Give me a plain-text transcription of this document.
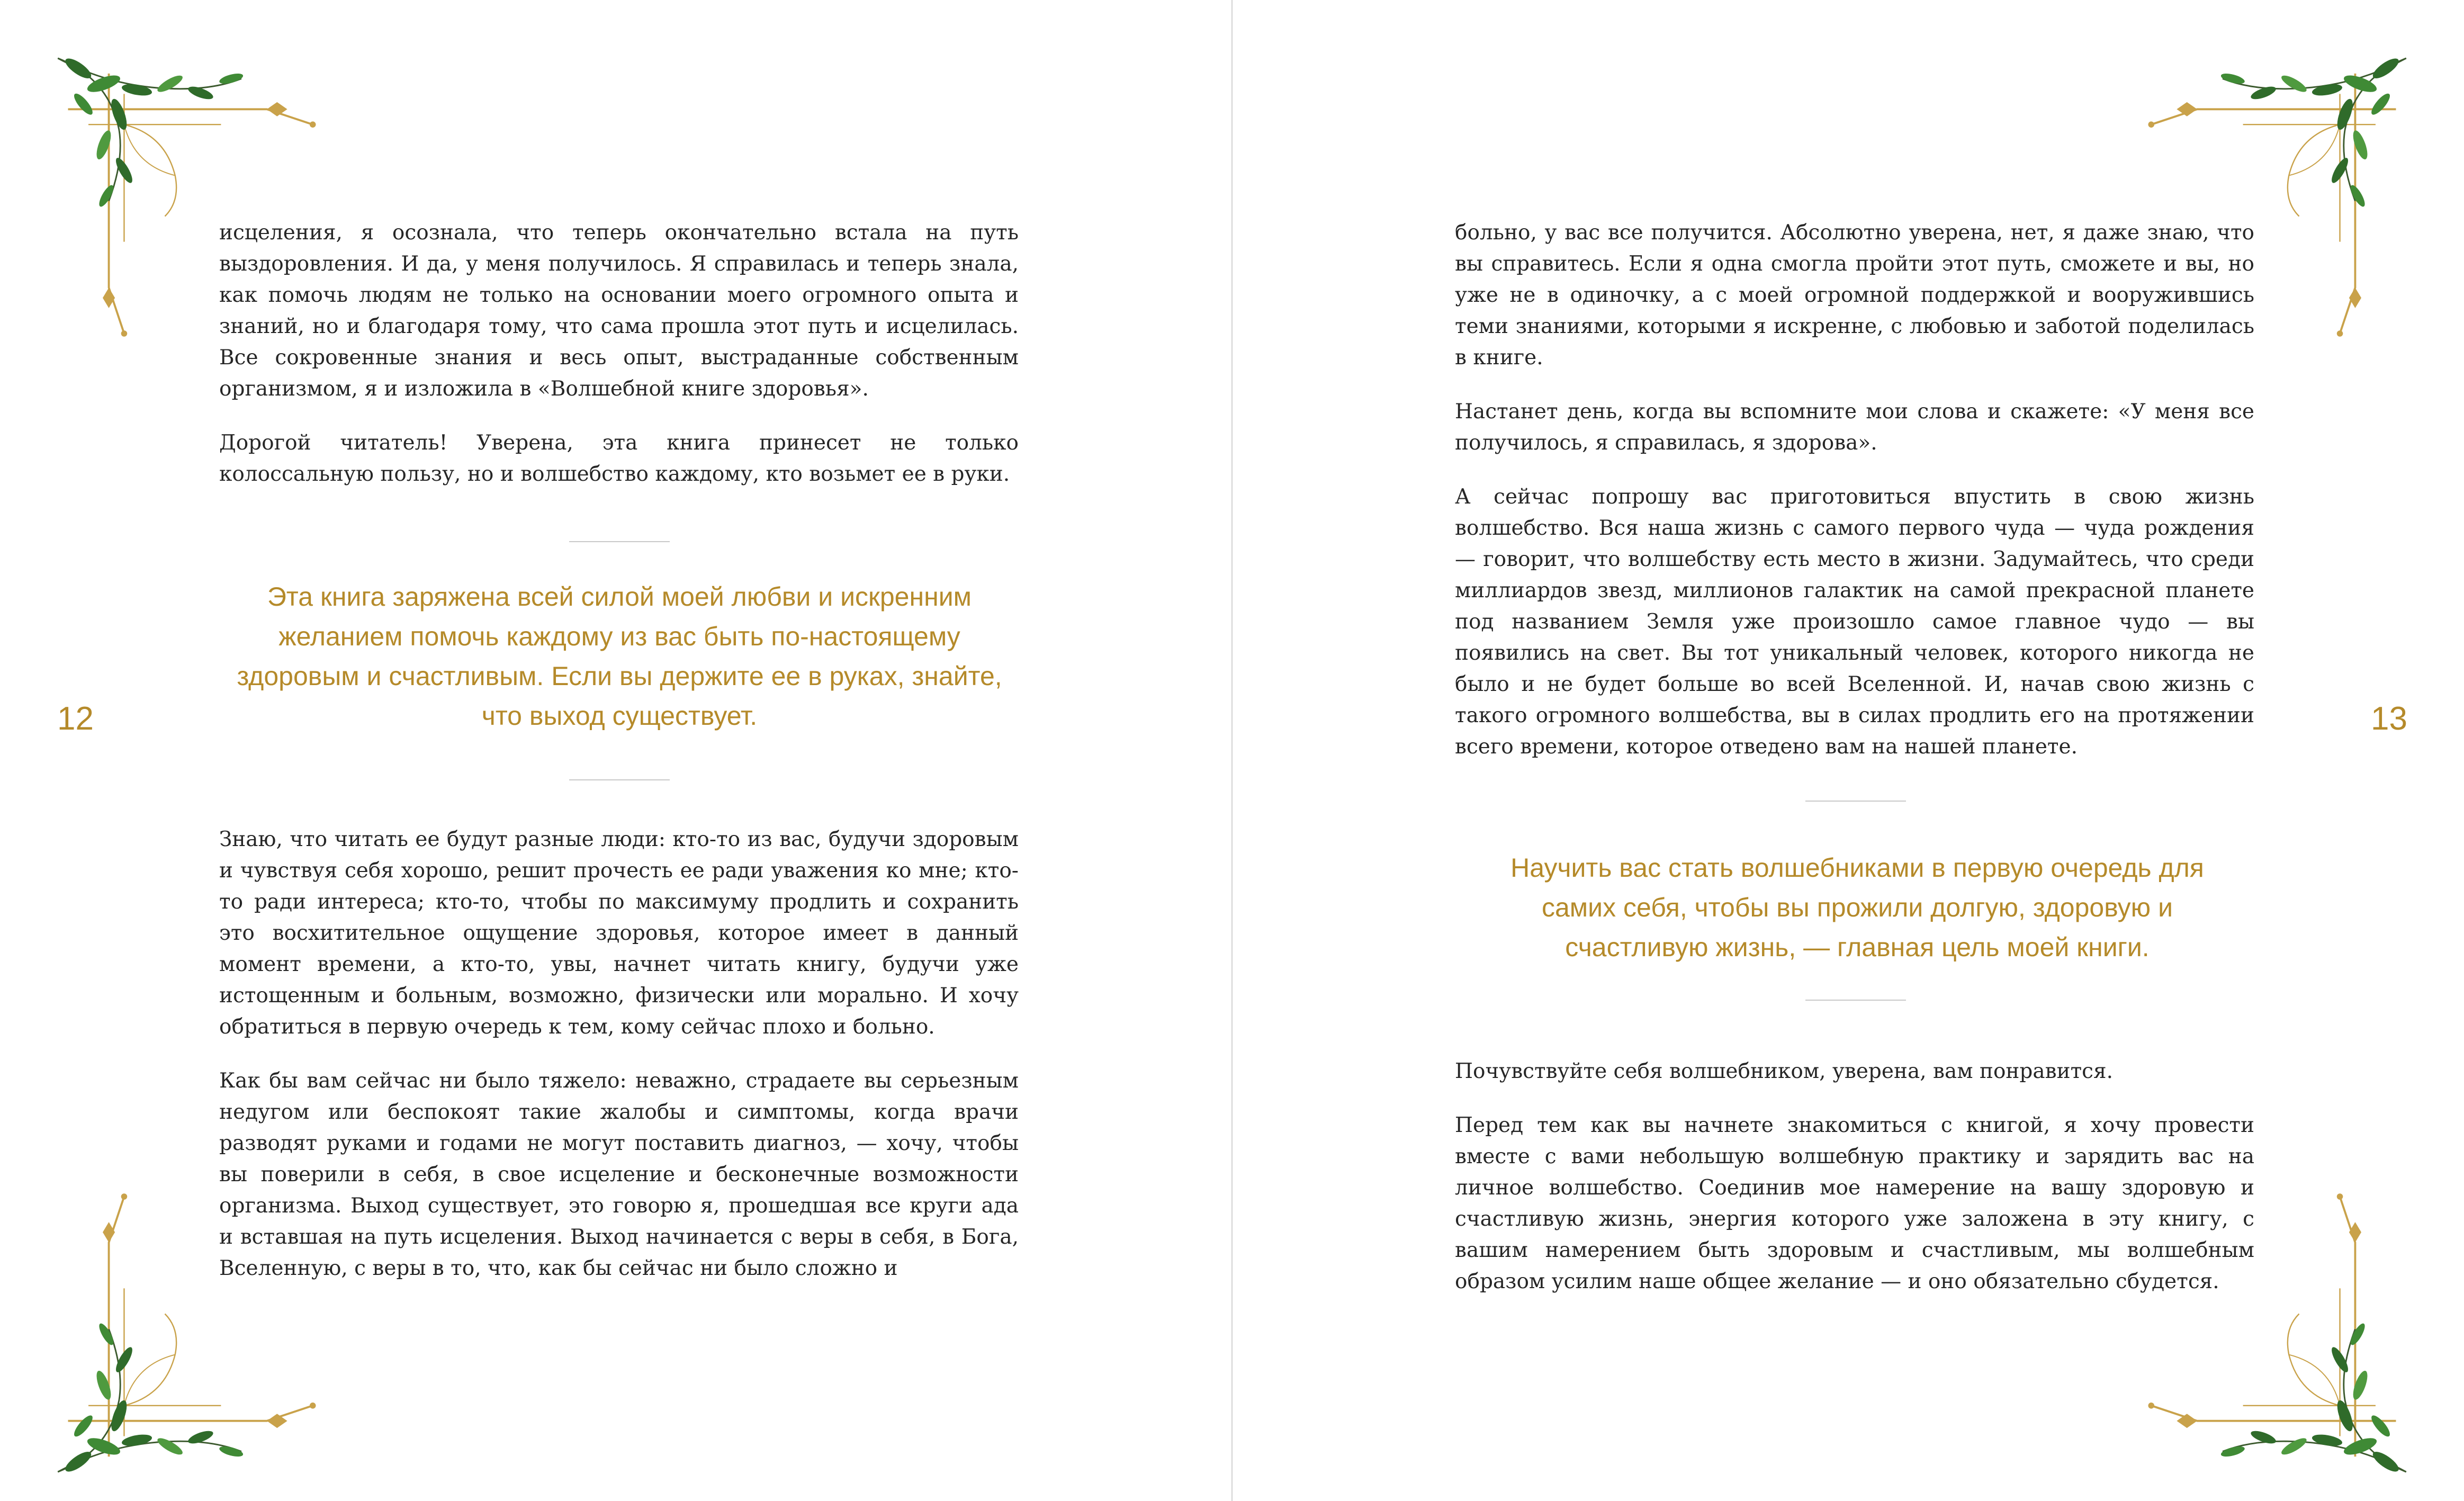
исцеления, я осознала, что теперь окончательно встала на путь выздоровления. И да, у меня получилось. Я справилась и теперь знала, как помочь людям не только на основании моего огромного опыта и знаний, но и благодаря тому, что сама прошла этот путь и исцелилась. Все сокровенные знания и весь опыт, выстраданные собственным организмом, я и изложила в «Волшебной книге здоровья».

Дорогой читатель! Уверена, эта книга принесет не только колоссальную пользу, но и волшебство каждому, кто возьмет ее в руки.

Эта книга заряжена всей силой моей любви и искренним желанием помочь каждому из вас быть по-настоящему здоровым и счастливым. Если вы держите ее в руках, знайте, что выход существует.

Знаю, что читать ее будут разные люди: кто-то из вас, будучи здоровым и чувствуя себя хорошо, решит прочесть ее ради уважения ко мне; кто-то ради интереса; кто-то, чтобы по максимуму продлить и сохранить это восхитительное ощущение здоровья, которое имеет в данный момент времени, а кто-то, увы, начнет читать книгу, будучи уже истощенным и больным, возможно, физически или морально. И хочу обратиться в первую очередь к тем, кому сейчас плохо и больно.

Как бы вам сейчас ни было тяжело: неважно, страдаете вы серьезным недугом или беспокоят такие жалобы и симптомы, когда врачи разводят руками и годами не могут поставить диагноз, — хочу, чтобы вы поверили в себя, в свое исцеление и бесконечные возможности организма. Выход существует, это говорю я, прошедшая все круги ада и вставшая на путь исцеления. Выход начинается с веры в себя, в Бога, Вселенную, с веры в то, что, как бы сейчас ни было сложно и

12

больно, у вас все получится. Абсолютно уверена, нет, я даже знаю, что вы справитесь. Если я одна смогла пройти этот путь, сможете и вы, но уже не в одиночку, а с моей огромной поддержкой и вооружившись теми знаниями, которыми я искренне, с любовью и заботой поделилась в книге.

Настанет день, когда вы вспомните мои слова и скажете: «У меня все получилось, я справилась, я здорова».

А сейчас попрошу вас приготовиться впустить в свою жизнь волшебство. Вся наша жизнь с самого первого чуда — чуда рождения — говорит, что волшебству есть место в жизни. Задумайтесь, что среди миллиардов звезд, миллионов галактик на самой прекрасной планете под названием Земля уже произошло самое главное чудо — вы появились на свет. Вы тот уникальный человек, которого никогда не было и не будет больше во всей Вселенной. И, начав свою жизнь с такого огромного волшебства, вы в силах продлить его на протяжении всего времени, которое отведено вам на нашей планете.

Научить вас стать волшебниками в первую очередь для самих себя, чтобы вы прожили долгую, здоровую и счастливую жизнь, — главная цель моей книги.

Почувствуйте себя волшебником, уверена, вам понравится.

Перед тем как вы начнете знакомиться с книгой, я хочу провести вместе с вами небольшую волшебную практику и зарядить вас на личное волшебство. Соединив мое намерение на вашу здоровую и счастливую жизнь, энергия которого уже заложена в эту книгу, с вашим намерением быть здоровым и счастливым, мы волшебным образом усилим наше общее желание — и оно обязательно сбудется.

13
